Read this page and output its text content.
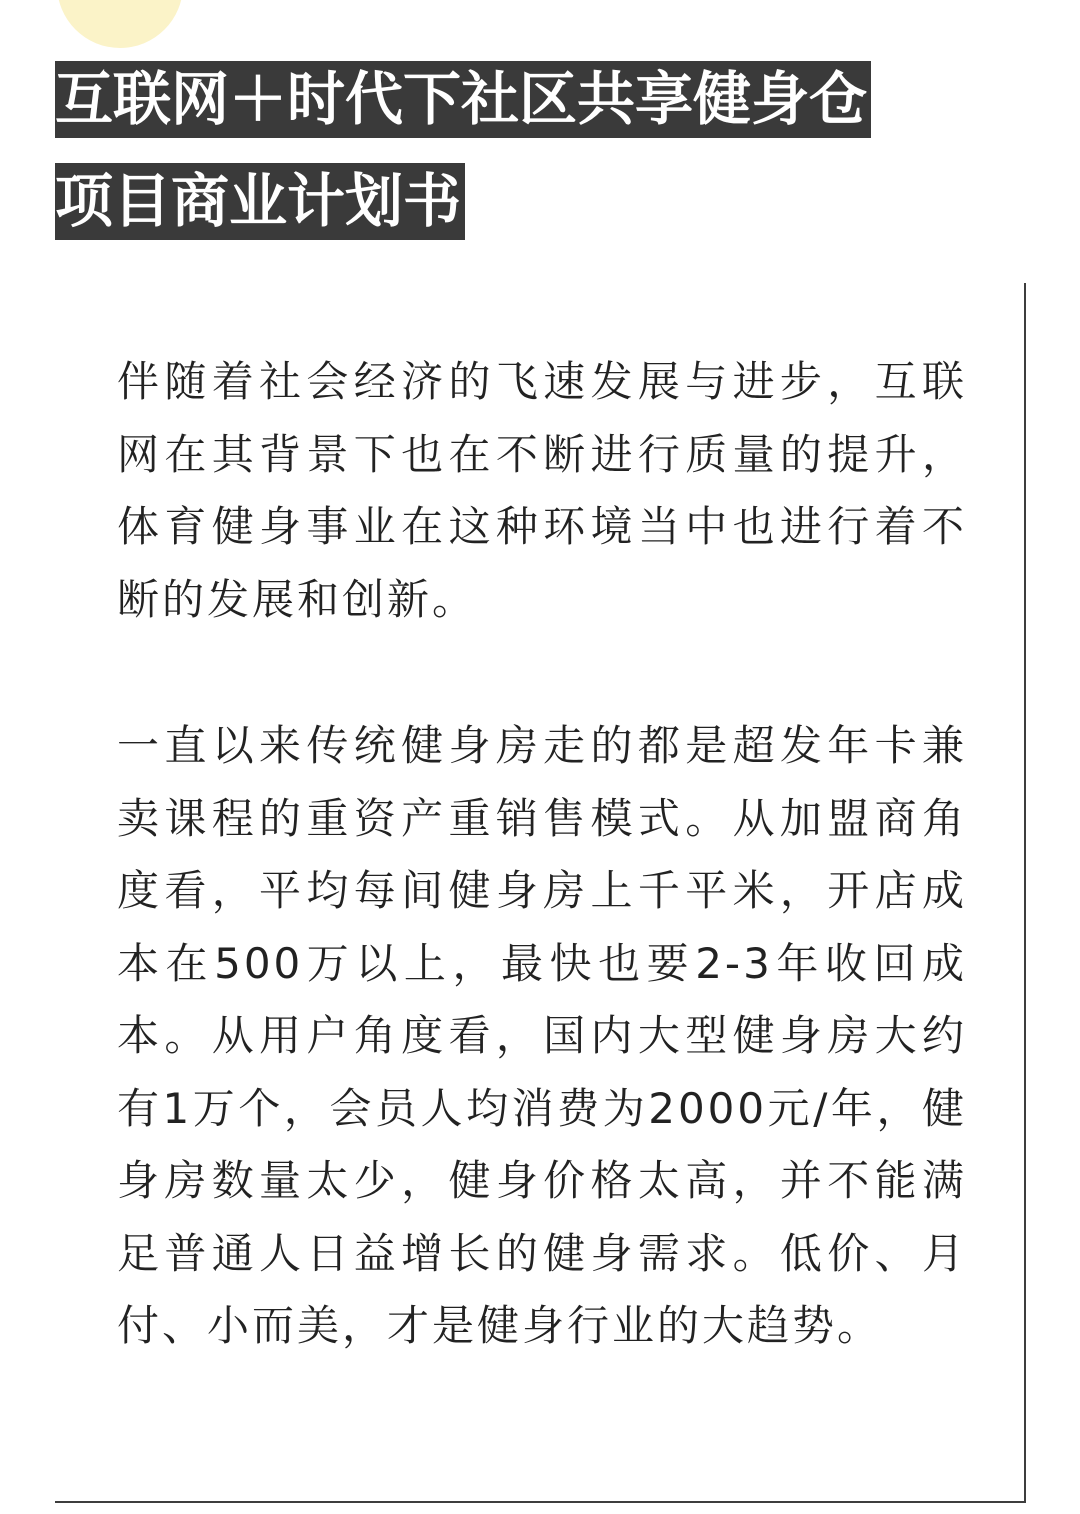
互联网＋时代下社区共享健身仓
项目商业计划书

伴随着社会经济的飞速发展与进步，互联网在其背景下也在不断进行质量的提升，体育健身事业在这种环境当中也进行着不断的发展和创新。

一直以来传统健身房走的都是超发年卡兼卖课程的重资产重销售模式。从加盟商角度看，平均每间健身房上千平米，开店成本在500万以上，最快也要2-3年收回成本。从用户角度看，国内大型健身房大约有1万个，会员人均消费为2000元/年，健身房数量太少，健身价格太高，并不能满足普通人日益增长的健身需求。低价、月付、小而美，才是健身行业的大趋势。
